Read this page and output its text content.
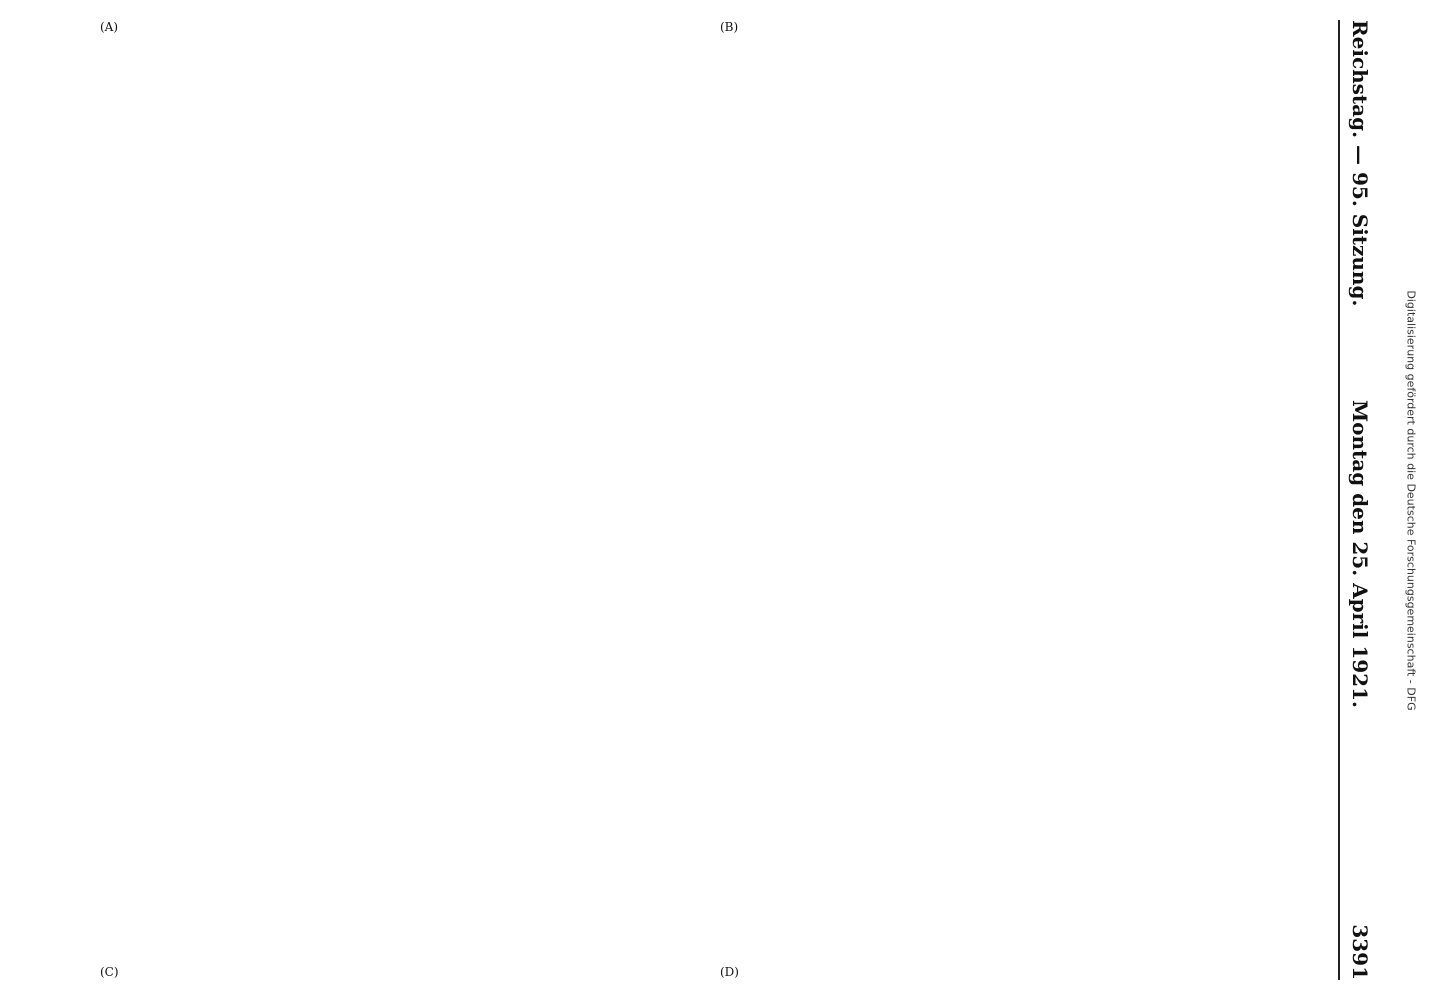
Reichstag. — 95. Sitzung.
Montag den 25. April 1921.
3391
(A)	(B)
(C)	(D)
Digitalisierung gefördert durch die Deutsche Forschungsgemeinschaft - DFG
